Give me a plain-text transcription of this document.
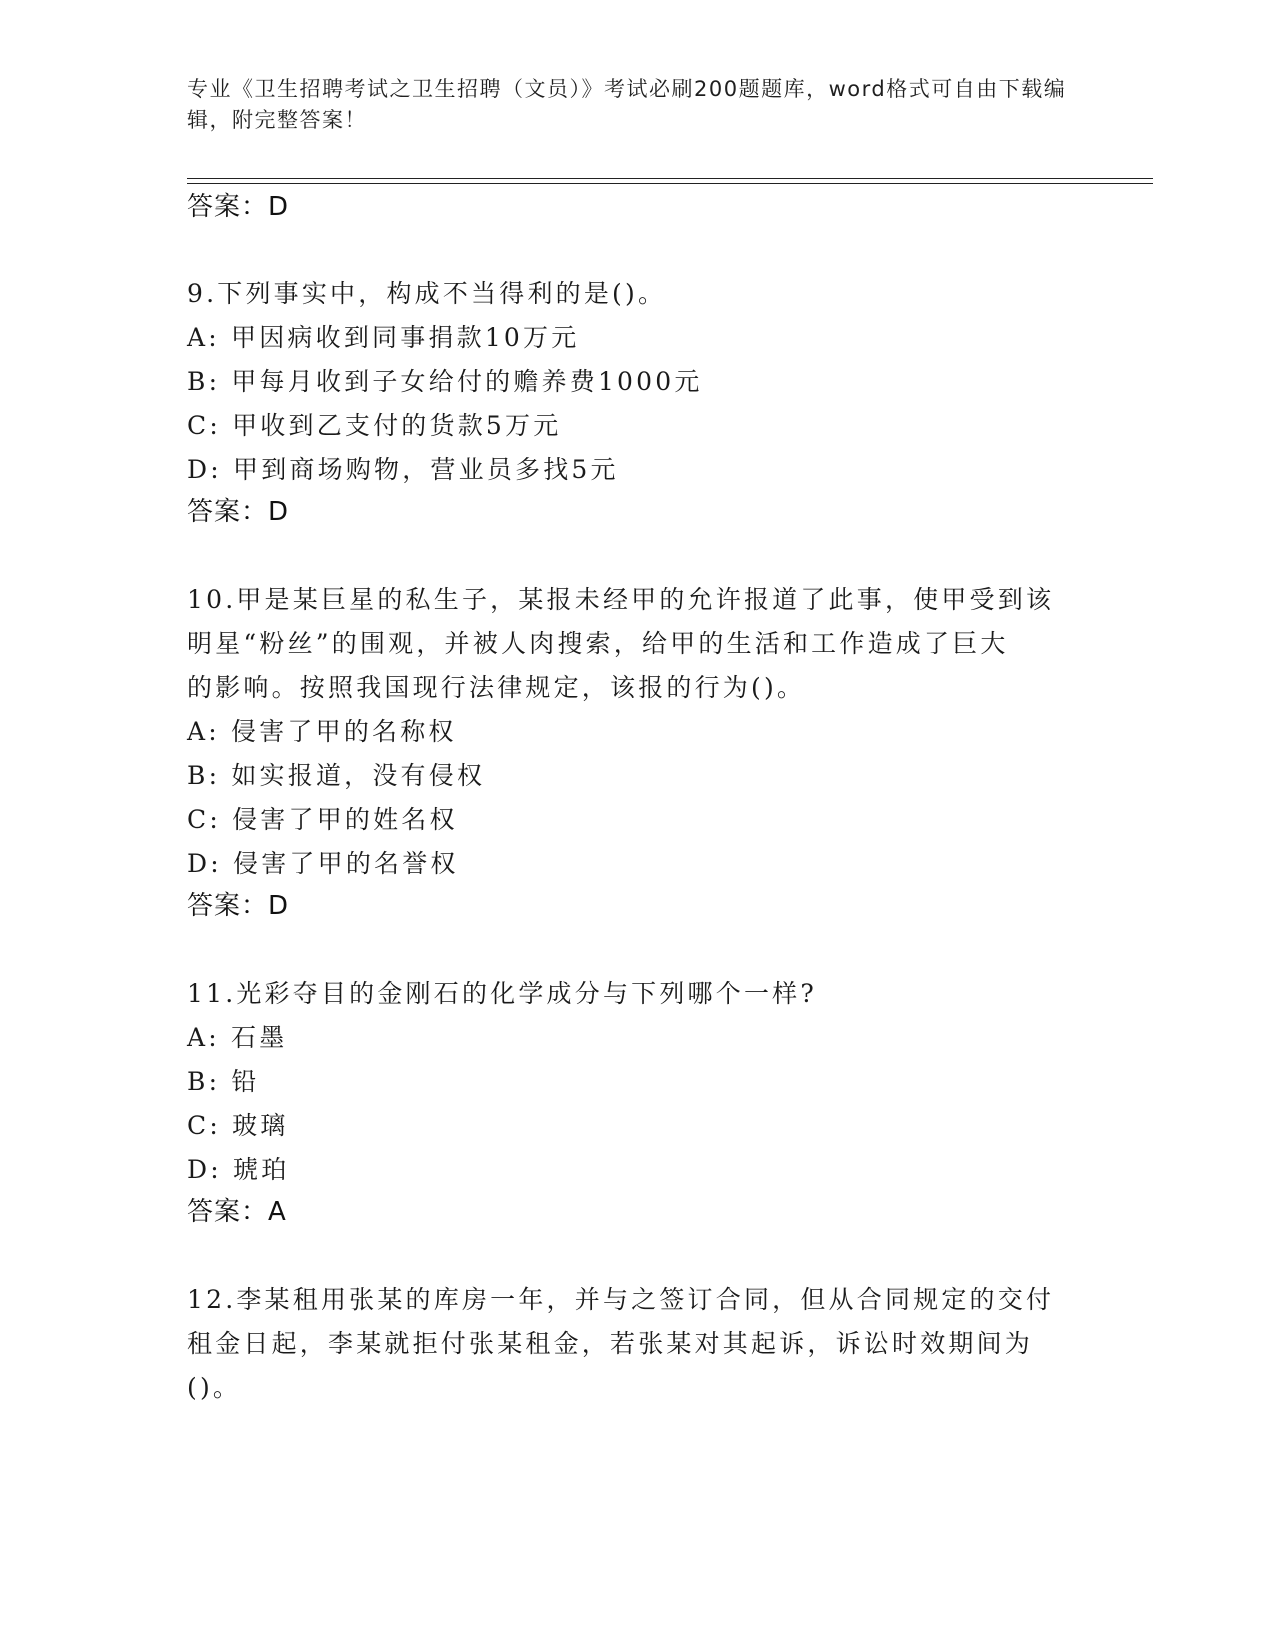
专业《卫生招聘考试之卫生招聘（文员）》考试必刷200题题库，word格式可自由下载编辑，附完整答案！
答案：D
9.下列事实中，构成不当得利的是()。
A: 甲因病收到同事捐款10万元
B: 甲每月收到子女给付的赡养费1000元
C: 甲收到乙支付的货款5万元
D: 甲到商场购物，营业员多找5元
答案：D
10.甲是某巨星的私生子，某报未经甲的允许报道了此事，使甲受到该
明星“粉丝”的围观，并被人肉搜索，给甲的生活和工作造成了巨大
的影响。按照我国现行法律规定，该报的行为()。
A: 侵害了甲的名称权
B: 如实报道，没有侵权
C: 侵害了甲的姓名权
D: 侵害了甲的名誉权
答案：D
11.光彩夺目的金刚石的化学成分与下列哪个一样?
A: 石墨
B: 铅
C: 玻璃
D: 琥珀
答案：A
12.李某租用张某的库房一年，并与之签订合同，但从合同规定的交付
租金日起，李某就拒付张某租金，若张某对其起诉，诉讼时效期间为
()。
